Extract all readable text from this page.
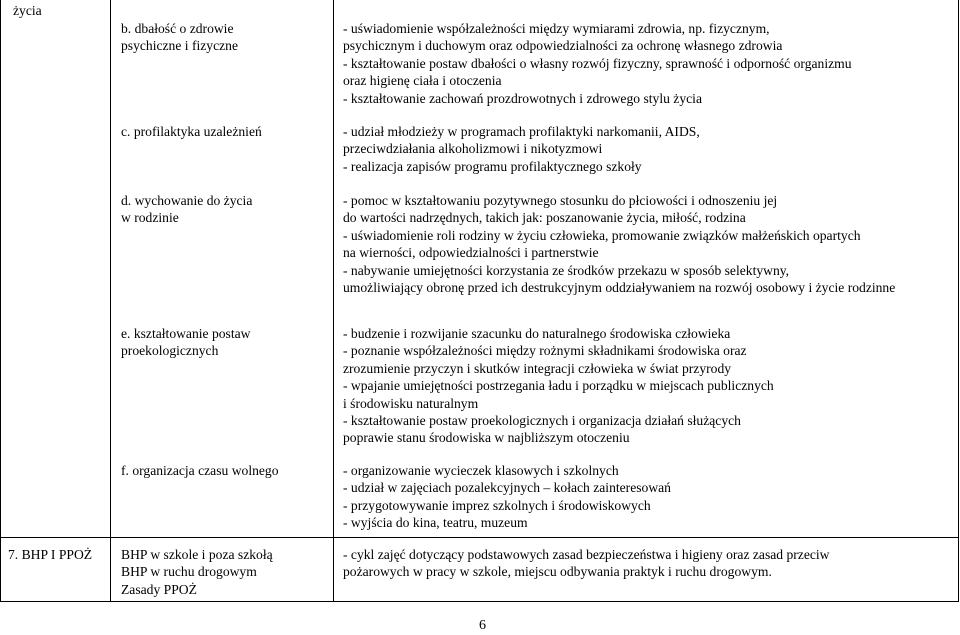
życia
b. dbałość o zdrowie
psychiczne i fizyczne
- uświadomienie współzależności między wymiarami zdrowia, np. fizycznym,
psychicznym i duchowym oraz odpowiedzialności za ochronę własnego zdrowia
- kształtowanie postaw dbałości o własny rozwój fizyczny, sprawność i odporność organizmu
oraz higienę ciała i otoczenia
- kształtowanie zachowań prozdrowotnych i zdrowego stylu życia
c. profilaktyka uzależnień	- udział młodzieży w programach profilaktyki narkomanii, AIDS,
przeciwdziałania alkoholizmowi i nikotyzmowi
- realizacja zapisów programu profilaktycznego szkoły
d. wychowanie do życia
w rodzinie
- pomoc w kształtowaniu pozytywnego stosunku do płciowości i odnoszeniu jej
do wartości nadrzędnych, takich jak: poszanowanie życia, miłość, rodzina
- uświadomienie roli rodziny w życiu człowieka, promowanie związków małżeńskich opartych
na wierności, odpowiedzialności i partnerstwie
- nabywanie umiejętności korzystania ze środków przekazu w sposób selektywny,
umożliwiający obronę przed ich destrukcyjnym oddziaływaniem na rozwój osobowy i życie rodzinne
e. kształtowanie postaw
proekologicznych
- budzenie i rozwijanie szacunku do naturalnego środowiska człowieka
- poznanie współzależności między rożnymi składnikami środowiska oraz
zrozumienie przyczyn i skutków integracji człowieka w świat przyrody
- wpajanie umiejętności postrzegania ładu i porządku w miejscach publicznych
i środowisku naturalnym
- kształtowanie postaw proekologicznych i organizacja działań służących
poprawie stanu środowiska w najbliższym otoczeniu
f. organizacja czasu wolnego	- organizowanie wycieczek klasowych i szkolnych
- udział w zajęciach pozalekcyjnych – kołach zainteresowań
- przygotowywanie imprez szkolnych i środowiskowych
- wyjścia do kina, teatru, muzeum
7. BHP I PPOŻ BHP w szkole i poza szkołą
BHP w ruchu drogowym
Zasady PPOŻ
- cykl zajęć dotyczący podstawowych zasad bezpieczeństwa i higieny oraz zasad przeciw
pożarowych w pracy w szkole, miejscu odbywania praktyk i ruchu drogowym.
6
